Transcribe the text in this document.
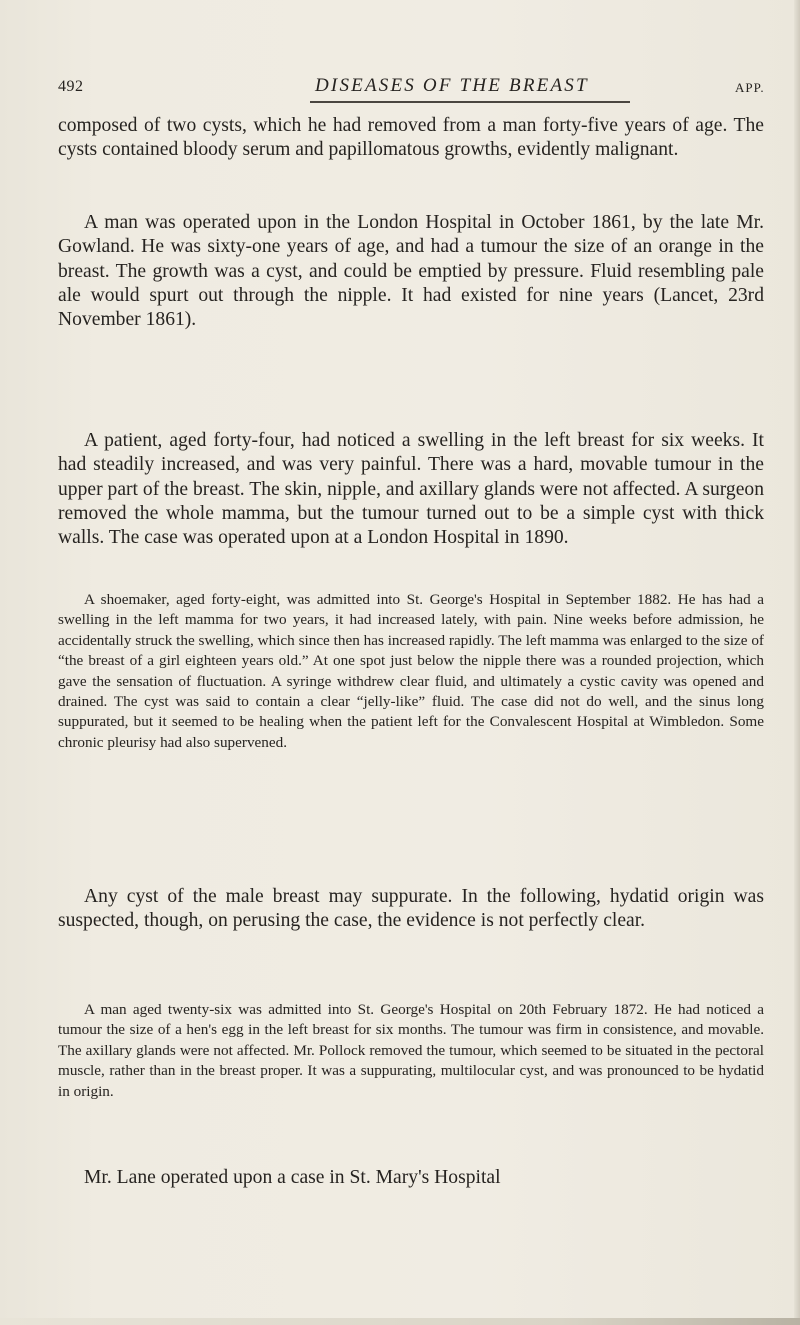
492	DISEASES OF THE BREAST	APP.

composed of two cysts, which he had removed from a man forty-five years of age. The cysts contained bloody serum and papillomatous growths, evidently malignant.

A man was operated upon in the London Hospital in October 1861, by the late Mr. Gowland. He was sixty-one years of age, and had a tumour the size of an orange in the breast. The growth was a cyst, and could be emptied by pressure. Fluid resembling pale ale would spurt out through the nipple. It had existed for nine years (Lancet, 23rd November 1861).

A patient, aged forty-four, had noticed a swelling in the left breast for six weeks. It had steadily increased, and was very painful. There was a hard, movable tumour in the upper part of the breast. The skin, nipple, and axillary glands were not affected. A surgeon removed the whole mamma, but the tumour turned out to be a simple cyst with thick walls. The case was operated upon at a London Hospital in 1890.

A shoemaker, aged forty-eight, was admitted into St. George's Hospital in September 1882. He has had a swelling in the left mamma for two years, it had increased lately, with pain. Nine weeks before admission, he accidentally struck the swelling, which since then has increased rapidly. The left mamma was enlarged to the size of “the breast of a girl eighteen years old.” At one spot just below the nipple there was a rounded projection, which gave the sensation of fluctuation. A syringe withdrew clear fluid, and ultimately a cystic cavity was opened and drained. The cyst was said to contain a clear “jelly-like” fluid. The case did not do well, and the sinus long suppurated, but it seemed to be healing when the patient left for the Convalescent Hospital at Wimbledon. Some chronic pleurisy had also supervened.

Any cyst of the male breast may suppurate. In the following, hydatid origin was suspected, though, on perusing the case, the evidence is not perfectly clear.

A man aged twenty-six was admitted into St. George's Hospital on 20th February 1872. He had noticed a tumour the size of a hen's egg in the left breast for six months. The tumour was firm in consistence, and movable. The axillary glands were not affected. Mr. Pollock removed the tumour, which seemed to be situated in the pectoral muscle, rather than in the breast proper. It was a suppurating, multilocular cyst, and was pronounced to be hydatid in origin.

Mr. Lane operated upon a case in St. Mary's Hospital
